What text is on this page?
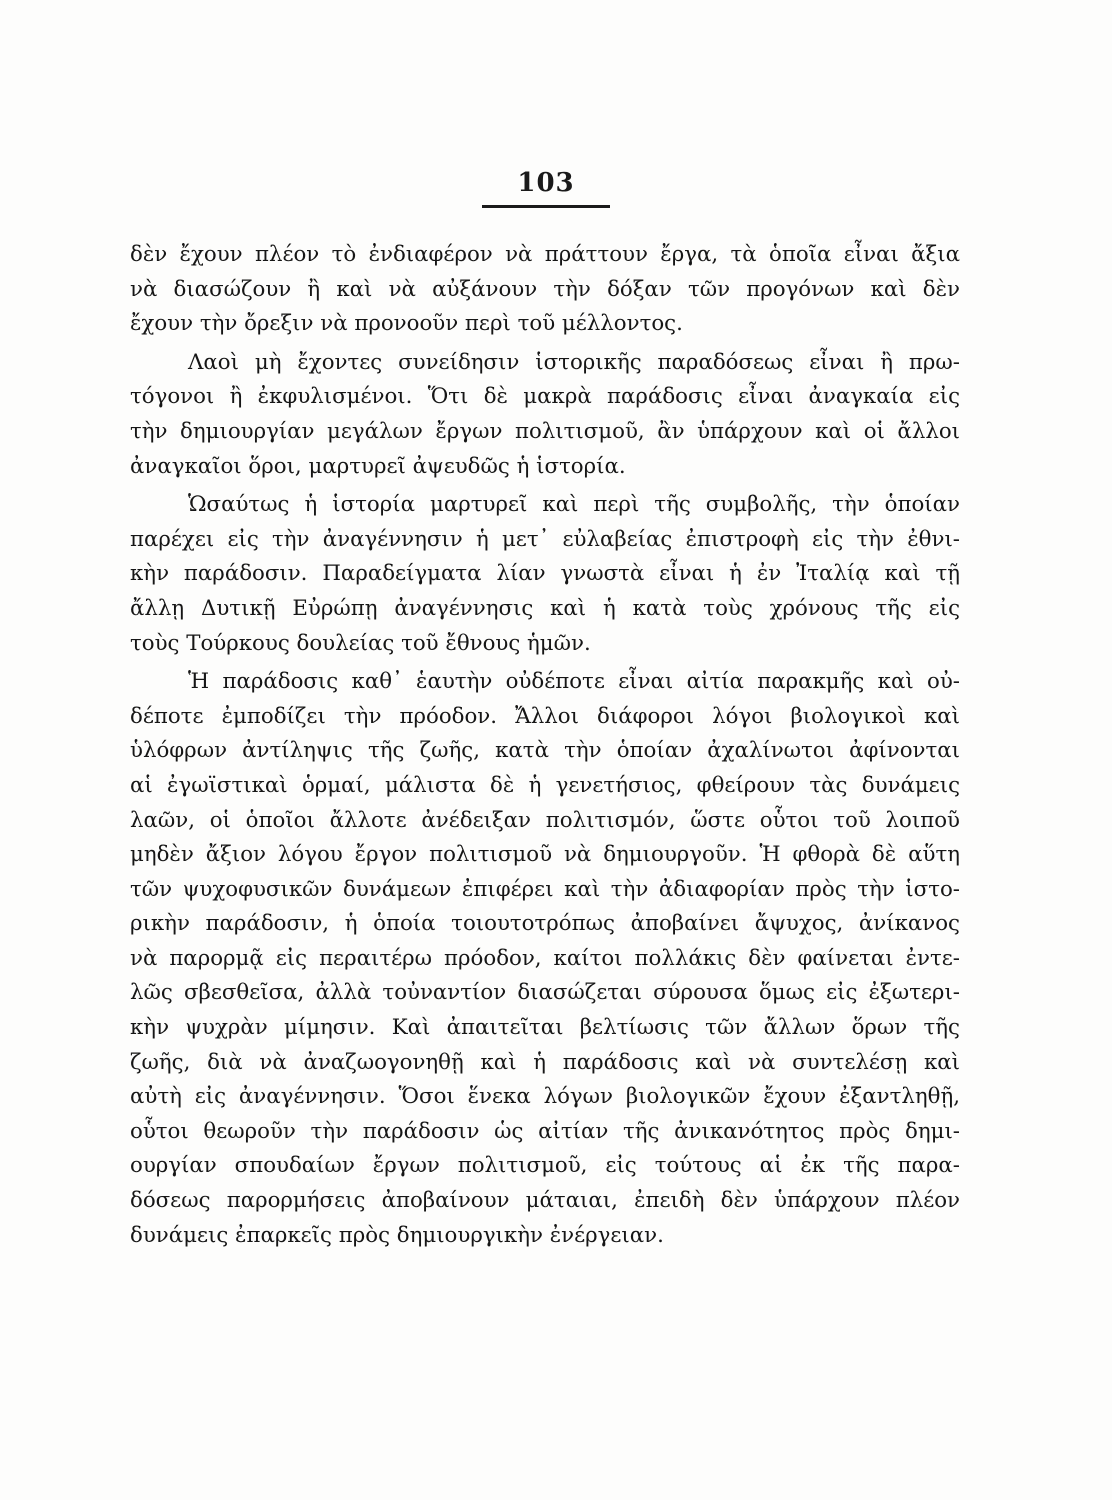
103
δὲν ἔχουν πλέον τὸ ἐνδιαφέρον νὰ πράττουν ἔργα, τὰ ὁποῖα εἶναι ἄξια
νὰ διασώζουν ἢ καὶ νὰ αὐξάνουν τὴν δόξαν τῶν προγόνων καὶ δὲν
ἔχουν τὴν ὄρεξιν νὰ προνοοῦν περὶ τοῦ μέλλοντος.
Λαοὶ μὴ ἔχοντες συνείδησιν ἱστορικῆς παραδόσεως εἶναι ἢ πρω-
τόγονοι ἢ ἐκφυλισμένοι. Ὅτι δὲ μακρὰ παράδοσις εἶναι ἀναγκαία εἰς
τὴν δημιουργίαν μεγάλων ἔργων πολιτισμοῦ, ἂν ὑπάρχουν καὶ οἱ ἄλλοι
ἀναγκαῖοι ὅροι, μαρτυρεῖ ἀψευδῶς ἡ ἱστορία.
Ὡσαύτως ἡ ἱστορία μαρτυρεῖ καὶ περὶ τῆς συμβολῆς, τὴν ὁποίαν
παρέχει εἰς τὴν ἀναγέννησιν ἡ μετ᾽ εὐλαβείας ἐπιστροφὴ εἰς τὴν ἐθνι-
κὴν παράδοσιν. Παραδείγματα λίαν γνωστὰ εἶναι ἡ ἐν Ἰταλίᾳ καὶ τῇ
ἄλλῃ Δυτικῇ Εὐρώπῃ ἀναγέννησις καὶ ἡ κατὰ τοὺς χρόνους τῆς εἰς
τοὺς Τούρκους δουλείας τοῦ ἔθνους ἡμῶν.
Ἡ παράδοσις καθ᾽ ἑαυτὴν οὐδέποτε εἶναι αἰτία παρακμῆς καὶ οὐ-
δέποτε ἐμποδίζει τὴν πρόοδον. Ἄλλοι διάφοροι λόγοι βιολογικοὶ καὶ
ὑλόφρων ἀντίληψις τῆς ζωῆς, κατὰ τὴν ὁποίαν ἀχαλίνωτοι ἀφίνονται
αἱ ἐγωϊστικαὶ ὁρμαί, μάλιστα δὲ ἡ γενετήσιος, φθείρουν τὰς δυνάμεις
λαῶν, οἱ ὁποῖοι ἄλλοτε ἀνέδειξαν πολιτισμόν, ὥστε οὗτοι τοῦ λοιποῦ
μηδὲν ἄξιον λόγου ἔργον πολιτισμοῦ νὰ δημιουργοῦν. Ἡ φθορὰ δὲ αὕτη
τῶν ψυχοφυσικῶν δυνάμεων ἐπιφέρει καὶ τὴν ἀδιαφορίαν πρὸς τὴν ἱστο-
ρικὴν παράδοσιν, ἡ ὁποία τοιουτοτρόπως ἀποβαίνει ἄψυχος, ἀνίκανος
νὰ παρορμᾷ εἰς περαιτέρω πρόοδον, καίτοι πολλάκις δὲν φαίνεται ἐντε-
λῶς σβεσθεῖσα, ἀλλὰ τοὐναντίον διασώζεται σύρουσα ὅμως εἰς ἐξωτερι-
κὴν ψυχρὰν μίμησιν. Καὶ ἀπαιτεῖται βελτίωσις τῶν ἄλλων ὅρων τῆς
ζωῆς, διὰ νὰ ἀναζωογονηθῇ καὶ ἡ παράδοσις καὶ νὰ συντελέσῃ καὶ
αὐτὴ εἰς ἀναγέννησιν. Ὅσοι ἕνεκα λόγων βιολογικῶν ἔχουν ἐξαντληθῇ,
οὗτοι θεωροῦν τὴν παράδοσιν ὡς αἰτίαν τῆς ἀνικανότητος πρὸς δημι-
ουργίαν σπουδαίων ἔργων πολιτισμοῦ, εἰς τούτους αἱ ἐκ τῆς παρα-
δόσεως παρορμήσεις ἀποβαίνουν μάταιαι, ἐπειδὴ δὲν ὑπάρχουν πλέον
δυνάμεις ἐπαρκεῖς πρὸς δημιουργικὴν ἐνέργειαν.
